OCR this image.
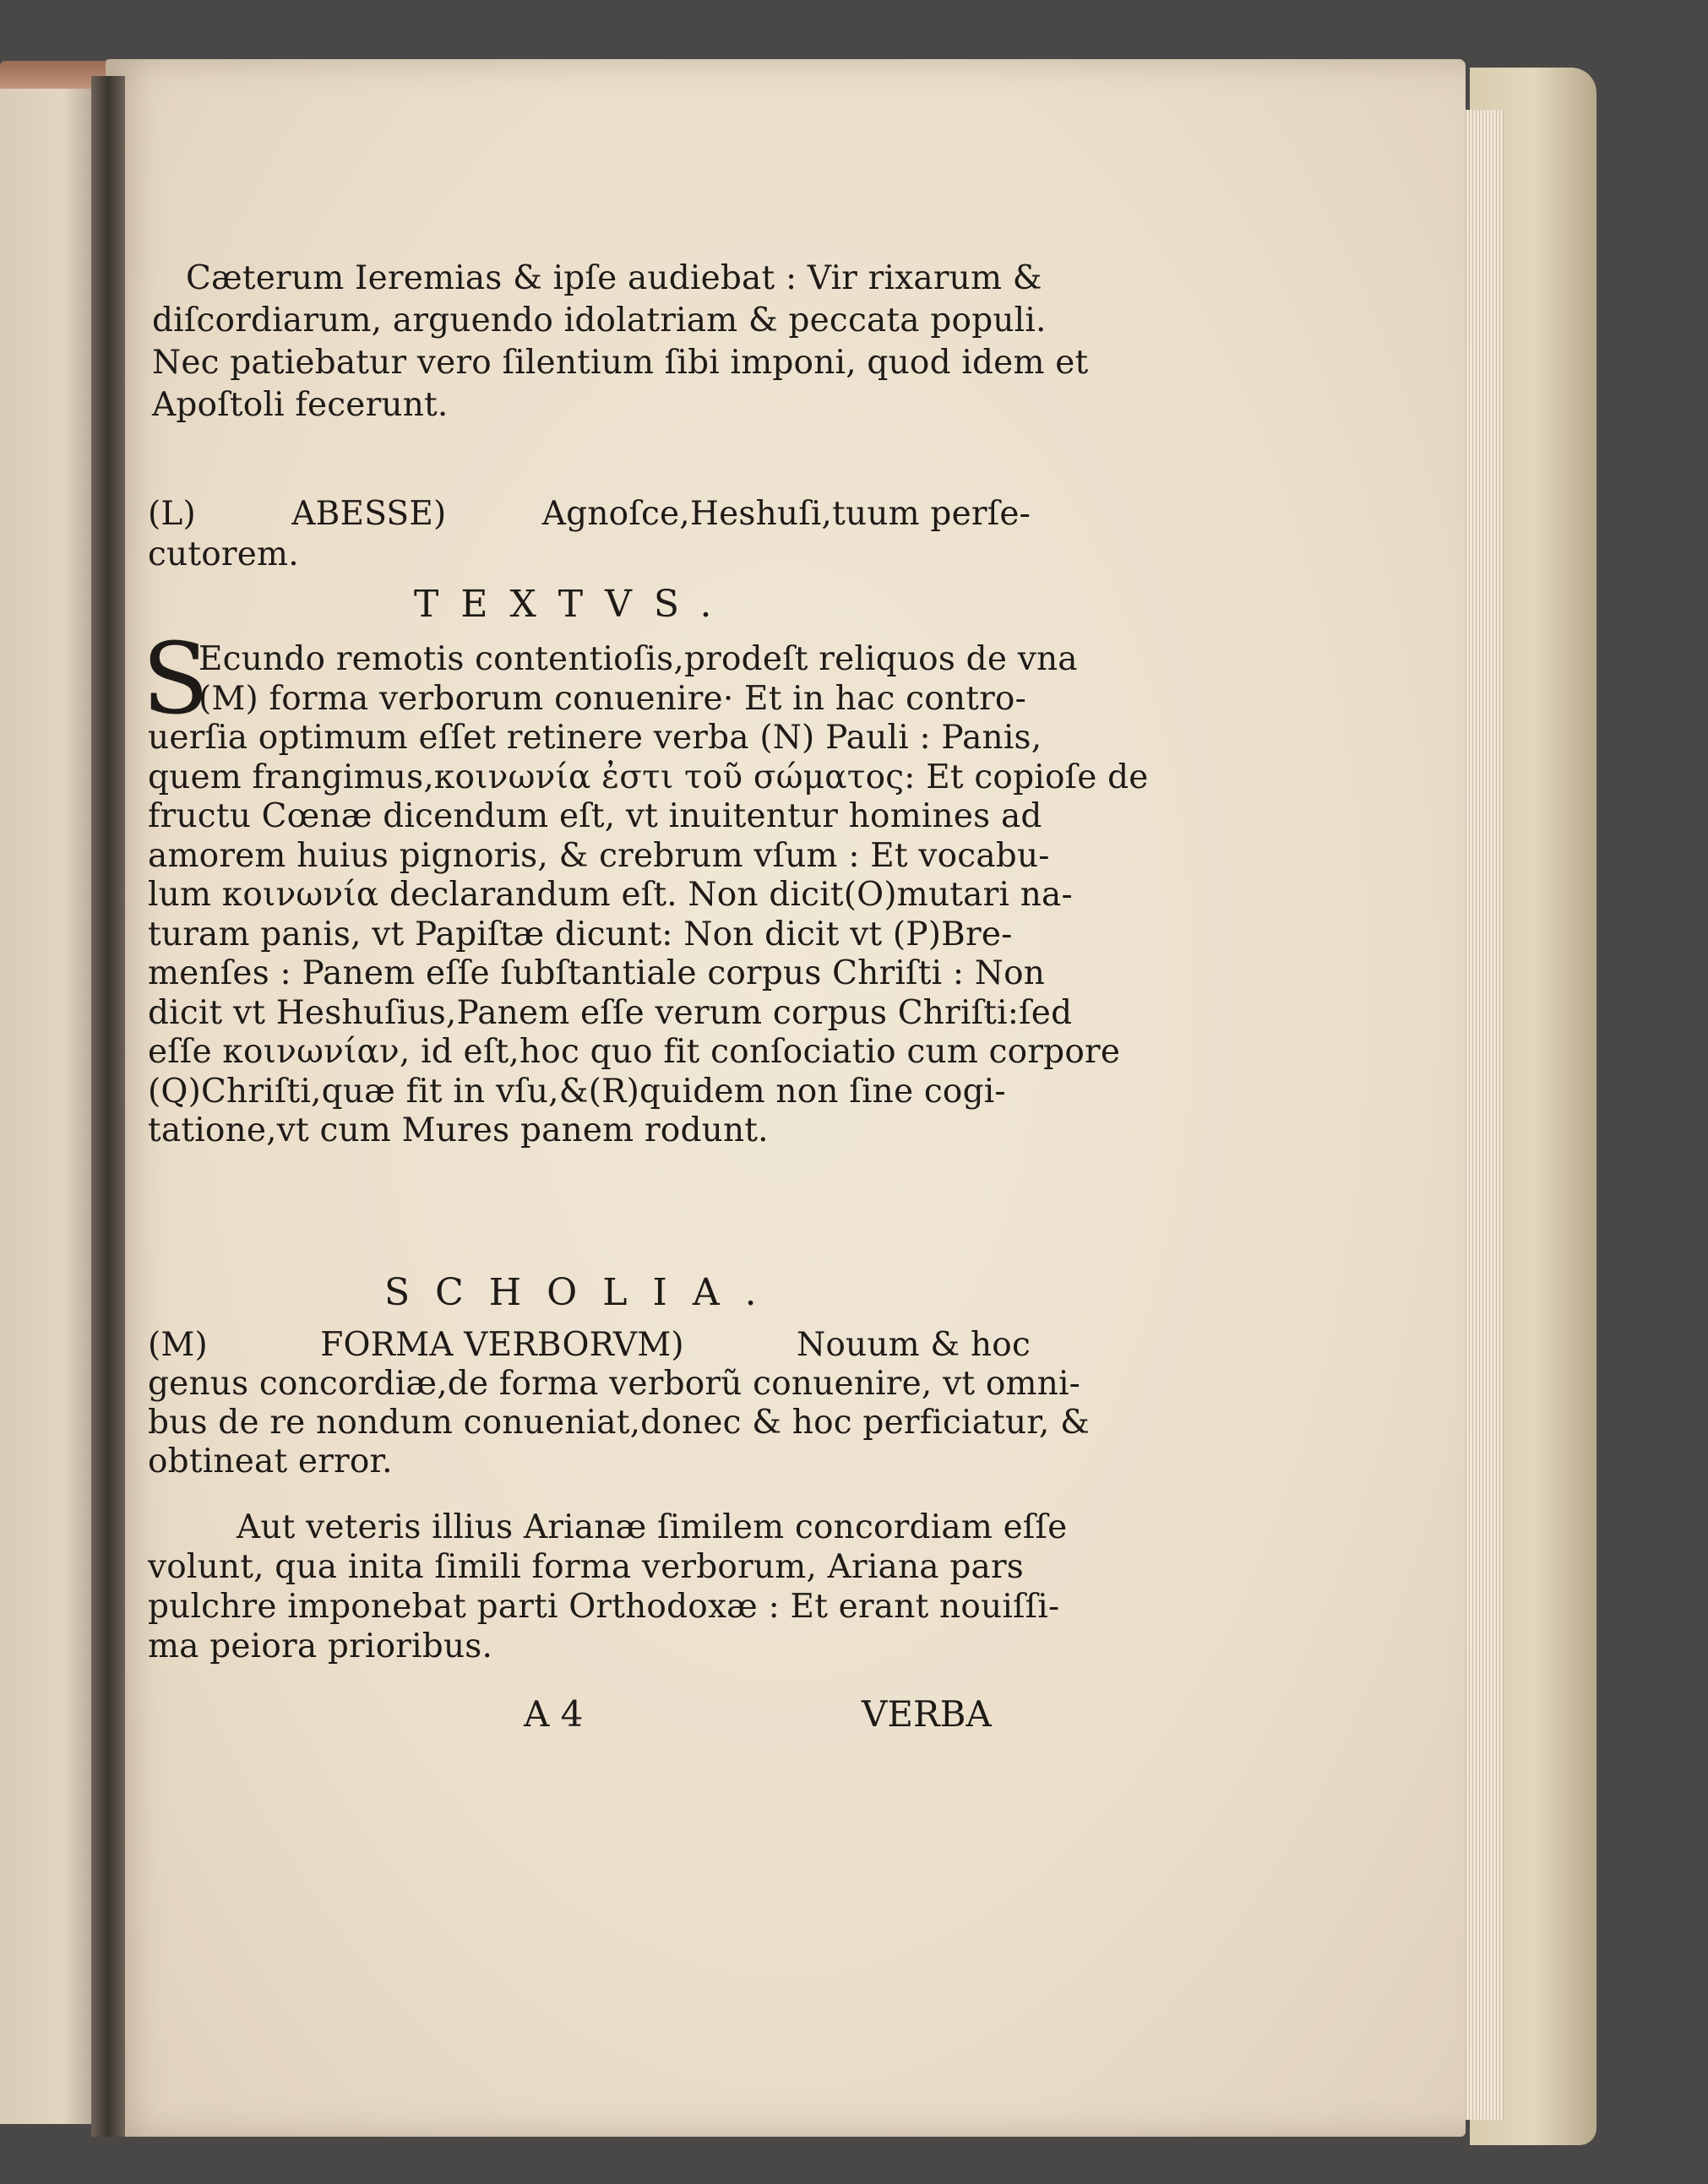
Cæterum Ieremias & ipſe audiebat : Vir rixarum &
diſcordiarum, arguendo idolatriam & peccata populi.
Nec patiebatur vero ſilentium ſibi imponi, quod idem et
Apoſtoli fecerunt.
(L)	ABESSE)	Agnoſce,Heshuſi,tuum perſe-
cutorem.
TEXTVS.
S
Ecundo remotis contentioſis,prodeſt reliquos de vna
(M) forma verborum conuenire· Et in hac contro-
uerſia optimum eſſet retinere verba (N) Pauli : Panis,
quem frangimus,κοινωνία ἐστι τοῦ σώματος: Et copioſe de
fructu Cœnæ dicendum eſt, vt inuitentur homines ad
amorem huius pignoris, & crebrum vſum : Et vocabu-
lum κοινωνία declarandum eſt. Non dicit(O)mutari na-
turam panis, vt Papiſtæ dicunt: Non dicit vt (P)Bre-
menſes : Panem eſſe ſubſtantiale corpus Chriſti : Non
dicit vt Heshuſius,Panem eſſe verum corpus Chriſti:ſed
eſſe κοινωνίαν, id eſt,hoc quo fit conſociatio cum corpore
(Q)Chriſti,quæ fit in vſu,&(R)quidem non ſine cogi-
tatione,vt cum Mures panem rodunt.
SCHOLIA.
(M)	FORMA VERBORVM)	Nouum & hoc
genus concordiæ,de forma verborũ conuenire, vt omni-
bus de re nondum conueniat,donec & hoc perficiatur, &
obtineat error.
Aut veteris illius Arianæ ſimilem concordiam eſſe
volunt, qua inita ſimili forma verborum, Ariana pars
pulchre imponebat parti Orthodoxæ : Et erant nouiſſi-
ma peiora prioribus.
A 4	VERBA
